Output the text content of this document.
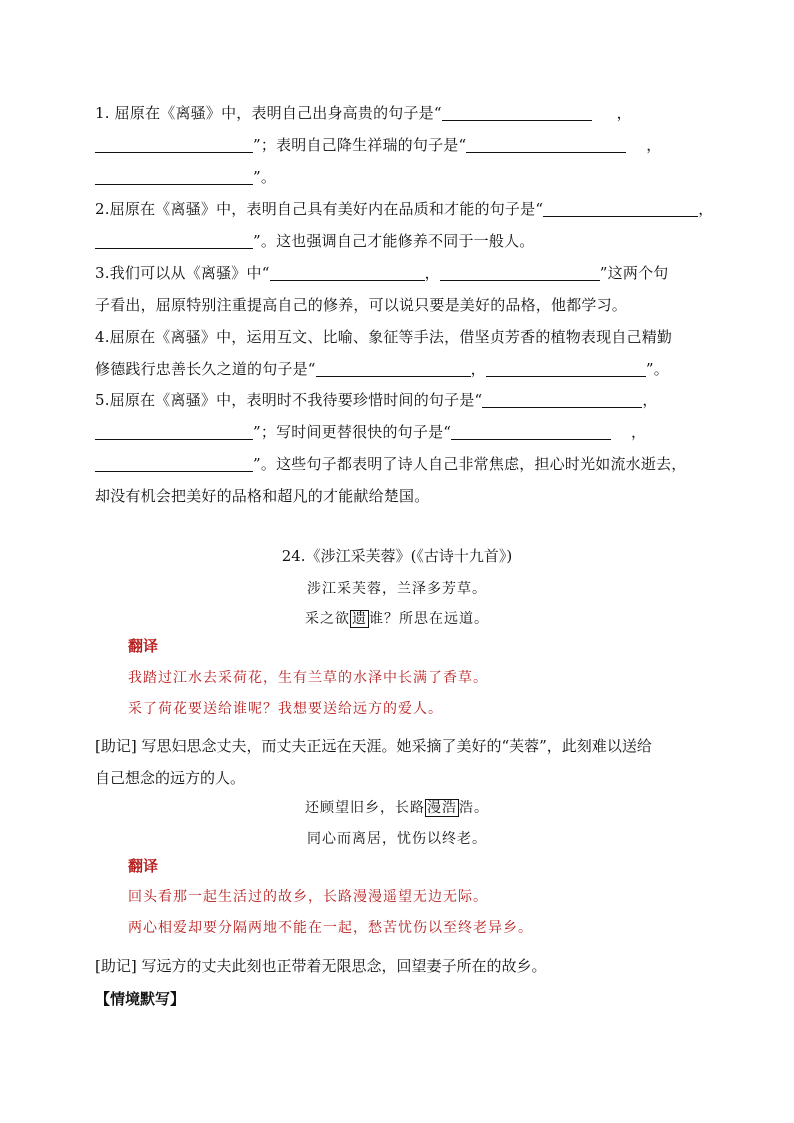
1. 屈原在《离骚》中，表明自己出身高贵的句子是“	，
”；表明自己降生祥瑞的句子是“	，
”。
2.屈原在《离骚》中，表明自己具有美好内在品质和才能的句子是“	，
”。这也强调自己才能修养不同于一般人。
3.我们可以从《离骚》中“	，	”这两个句
子看出，屈原特别注重提高自己的修养，可以说只要是美好的品格，他都学习。
4.屈原在《离骚》中，运用互文、比喻、象征等手法，借坚贞芳香的植物表现自己精勤
修德践行忠善长久之道的句子是“	，	”。
5.屈原在《离骚》中，表明时不我待要珍惜时间的句子是“	，
”；写时间更替很快的句子是“	，
”。这些句子都表明了诗人自己非常焦虑，担心时光如流水逝去，
却没有机会把美好的品格和超凡的才能献给楚国。
24.《涉江采芙蓉》(《古诗十九首》)
涉江采芙蓉，兰泽多芳草。
采之欲 遗 谁？所思在远道。
翻译
我踏过江水去采荷花，生有兰草的水泽中长满了香草。
采了荷花要送给谁呢？我想要送给远方的爱人。
[助记] 写思妇思念丈夫，而丈夫正远在天涯。她采摘了美好的“芙蓉”，此刻难以送给
自己想念的远方的人。
还顾望旧乡，长路 漫浩 浩。
同心而离居，忧伤以终老。
翻译
回头看那一起生活过的故乡，长路漫漫遥望无边无际。
两心相爱却要分隔两地不能在一起，愁苦忧伤以至终老异乡。
[助记] 写远方的丈夫此刻也正带着无限思念，回望妻子所在的故乡。
【情境默写】
